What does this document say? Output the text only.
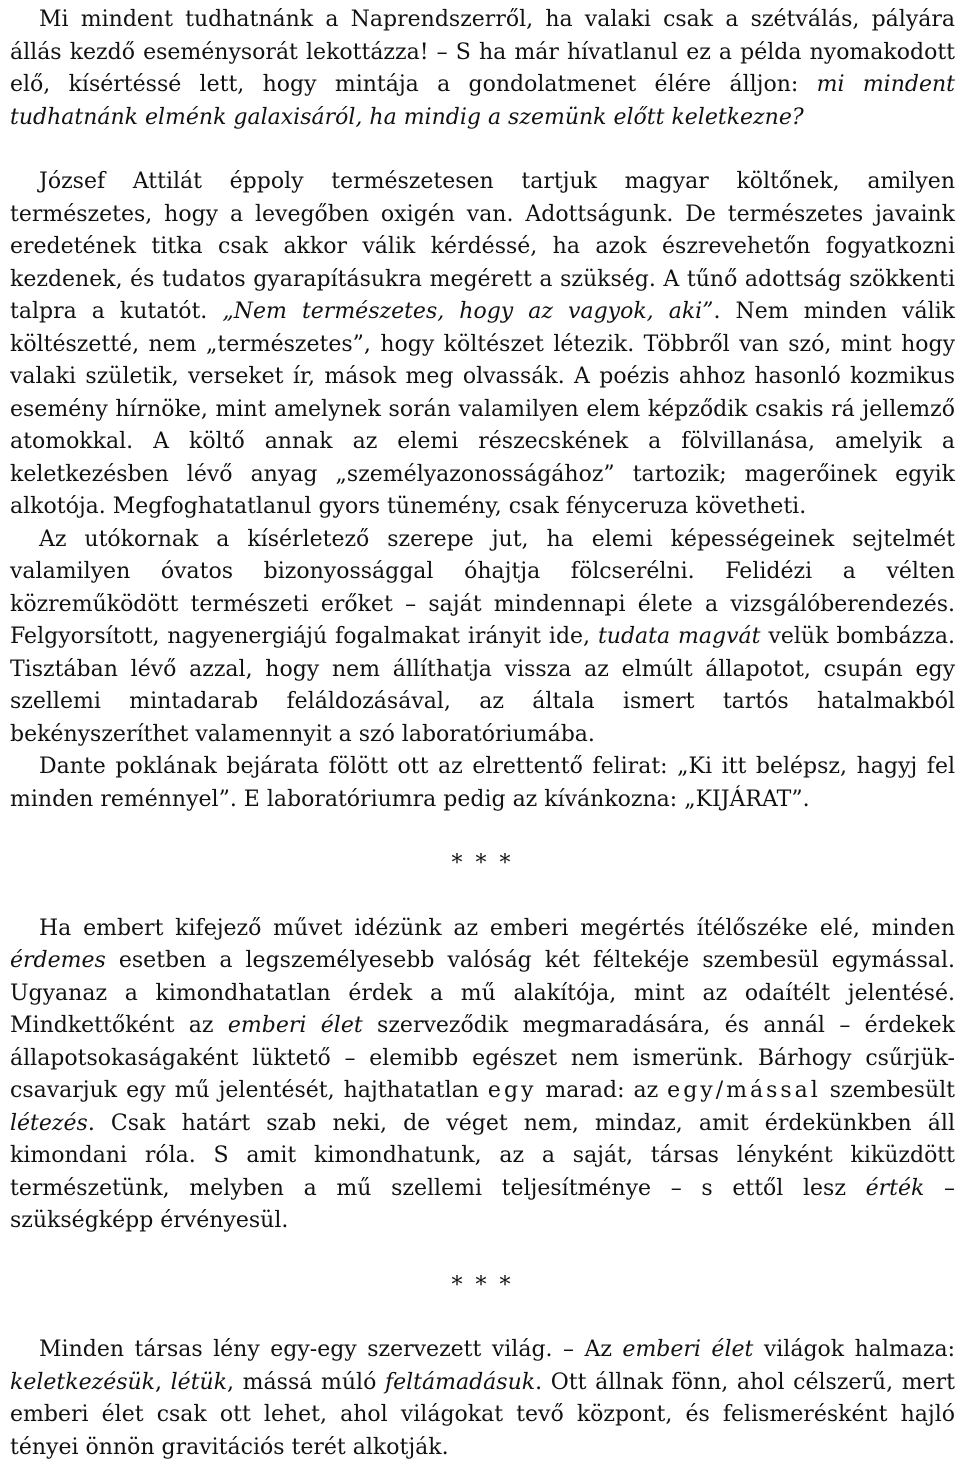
Mi mindent tudhatnánk a Naprendszerről, ha valaki csak a szétválás, pályára állás kezdő eseménysorát lekottázza! – S ha már hívatlanul ez a példa nyomakodott elő, kísértéssé lett, hogy mintája a gondolatmenet élére álljon: mi mindent tudhatnánk elménk galaxisáról, ha mindig a szemünk előtt keletkezne?

József Attilát éppoly természetesen tartjuk magyar költőnek, amilyen természetes, hogy a levegőben oxigén van. Adottságunk. De természetes javaink eredetének titka csak akkor válik kérdéssé, ha azok észrevehetőn fogyatkozni kezdenek, és tudatos gyarapításukra megérett a szükség. A tűnő adottság szökkenti talpra a kutatót. „Nem természetes, hogy az vagyok, aki”. Nem minden válik költészetté, nem „természetes”, hogy költészet létezik. Többről van szó, mint hogy valaki születik, verseket ír, mások meg olvassák. A poézis ahhoz hasonló kozmikus esemény hírnöke, mint amelynek során valamilyen elem képződik csakis rá jellemző atomokkal. A költő annak az elemi részecskének a fölvillanása, amelyik a keletkezésben lévő anyag „személyazonosságához” tartozik; magerőinek egyik alkotója. Megfoghatatlanul gyors tünemény, csak fényceruza követheti.

Az utókornak a kísérletező szerepe jut, ha elemi képességeinek sejtelmét valamilyen óvatos bizonyossággal óhajtja fölcserélni. Felidézi a vélten közreműködött természeti erőket – saját mindennapi élete a vizsgálóberendezés. Felgyorsított, nagyenergiájú fogalmakat irányit ide, tudata magvát velük bombázza. Tisztában lévő azzal, hogy nem állíthatja vissza az elmúlt állapotot, csupán egy szellemi mintadarab feláldozásával, az általa ismert tartós hatalmakból bekényszeríthet valamennyit a szó laboratóriumába.

Dante poklának bejárata fölött ott az elrettentő felirat: „Ki itt belépsz, hagyj fel minden reménnyel”. E laboratóriumra pedig az kívánkozna: „KIJÁRAT”.

* * *

Ha embert kifejező művet idézünk az emberi megértés ítélőszéke elé, minden érdemes esetben a legszemélyesebb valóság két féltekéje szembesül egymással. Ugyanaz a kimondhatatlan érdek a mű alakítója, mint az odaítélt jelentésé. Mindkettőként az emberi élet szerveződik megmaradására, és annál – érdekek állapotsokaságaként lüktető – elemibb egészet nem ismerünk. Bárhogy csűrjük-csavarjuk egy mű jelentését, hajthatatlan egy marad: az egy/mással szembesült létezés. Csak határt szab neki, de véget nem, mindaz, amit érdekünkben áll kimondani róla. S amit kimondhatunk, az a saját, társas lényként kiküzdött természetünk, melyben a mű szellemi teljesítménye – s ettől lesz érték – szükségképp érvényesül.

* * *

Minden társas lény egy-egy szervezett világ. – Az emberi élet világok halmaza: keletkezésük, létük, mássá múló feltámadásuk. Ott állnak fönn, ahol célszerű, mert emberi élet csak ott lehet, ahol világokat tevő központ, és felismerésként hajló tényei önnön gravitációs terét alkotják.
